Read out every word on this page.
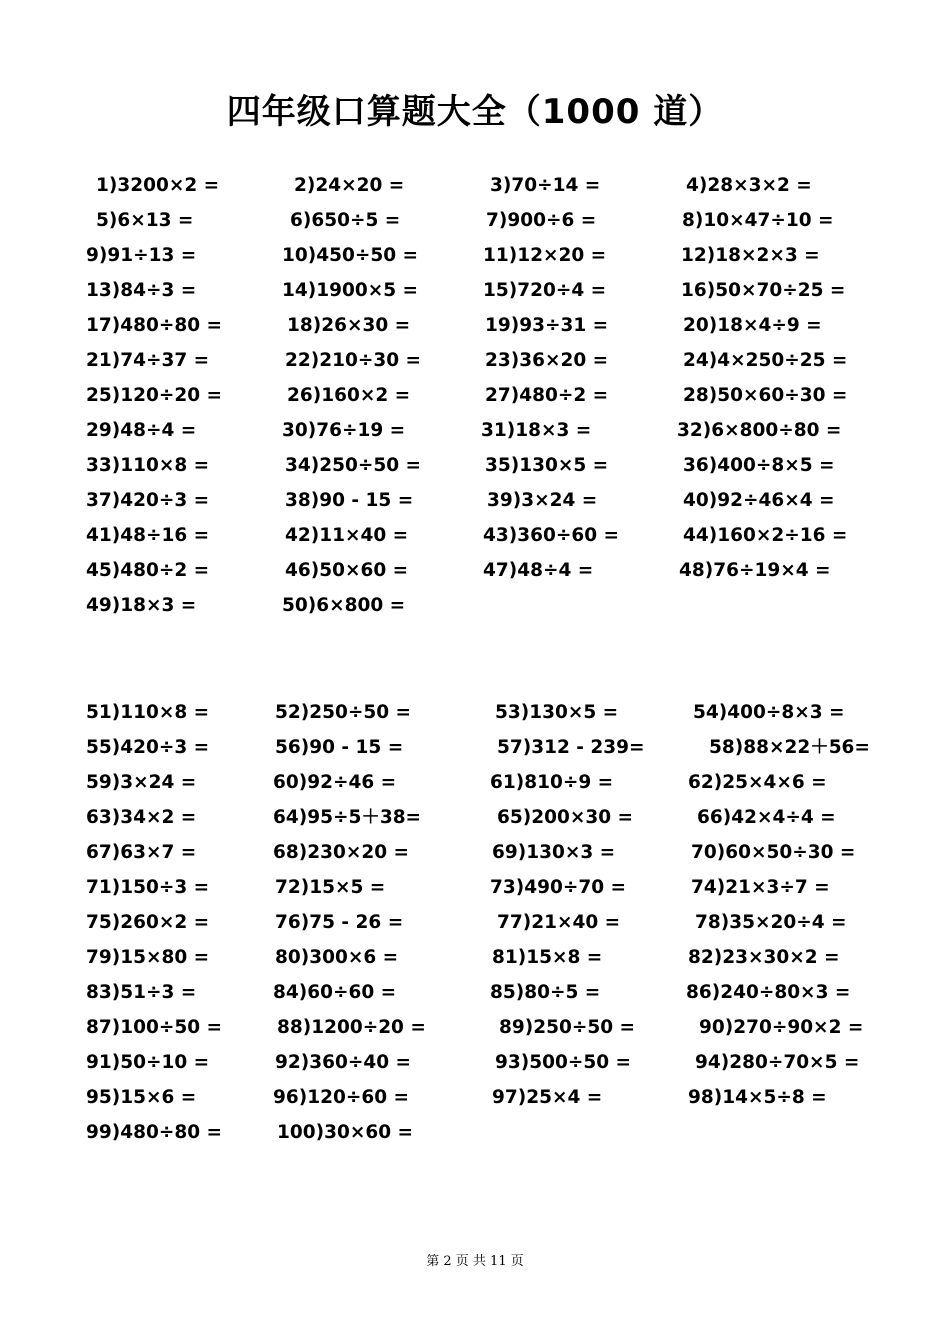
四年级口算题大全（1000 道）
1)3200×2 =	2)24×20 =	3)70÷14 =	4)28×3×2 =
5)6×13 =	6)650÷5 =	7)900÷6 =	8)10×47÷10 =
9)91÷13 =	10)450÷50 =	11)12×20 =	12)18×2×3 =
13)84÷3 =	14)1900×5 =	15)720÷4 =	16)50×70÷25 =
17)480÷80 =	18)26×30 =	19)93÷31 =	20)18×4÷9 =
21)74÷37 =	22)210÷30 =	23)36×20 =	24)4×250÷25 =
25)120÷20 =	26)160×2 =	27)480÷2 =	28)50×60÷30 =
29)48÷4 =	30)76÷19 =	31)18×3 =	32)6×800÷80 =
33)110×8 =	34)250÷50 =	35)130×5 =	36)400÷8×5 =
37)420÷3 =	38)90 - 15 =	39)3×24 =	40)92÷46×4 =
41)48÷16 =	42)11×40 =	43)360÷60 =	44)160×2÷16 =
45)480÷2 =	46)50×60 =	47)48÷4 =	48)76÷19×4 =
49)18×3 =	50)6×800 =
51)110×8 =	52)250÷50 =	53)130×5 =	54)400÷8×3 =
55)420÷3 =	56)90 - 15 =	57)312 - 239=	58)88×22＋56=
59)3×24 =	60)92÷46 =	61)810÷9 =	62)25×4×6 =
63)34×2 =	64)95÷5＋38=	65)200×30 =	66)42×4÷4 =
67)63×7 =	68)230×20 =	69)130×3 =	70)60×50÷30 =
71)150÷3 =	72)15×5 =	73)490÷70 =	74)21×3÷7 =
75)260×2 =	76)75 - 26 =	77)21×40 =	78)35×20÷4 =
79)15×80 =	80)300×6 =	81)15×8 =	82)23×30×2 =
83)51÷3 =	84)60÷60 =	85)80÷5 =	86)240÷80×3 =
87)100÷50 =	88)1200÷20 =	89)250÷50 =	90)270÷90×2 =
91)50÷10 =	92)360÷40 =	93)500÷50 =	94)280÷70×5 =
95)15×6 =	96)120÷60 =	97)25×4 =	98)14×5÷8 =
99)480÷80 =	100)30×60 =
第 2 页 共 11 页
